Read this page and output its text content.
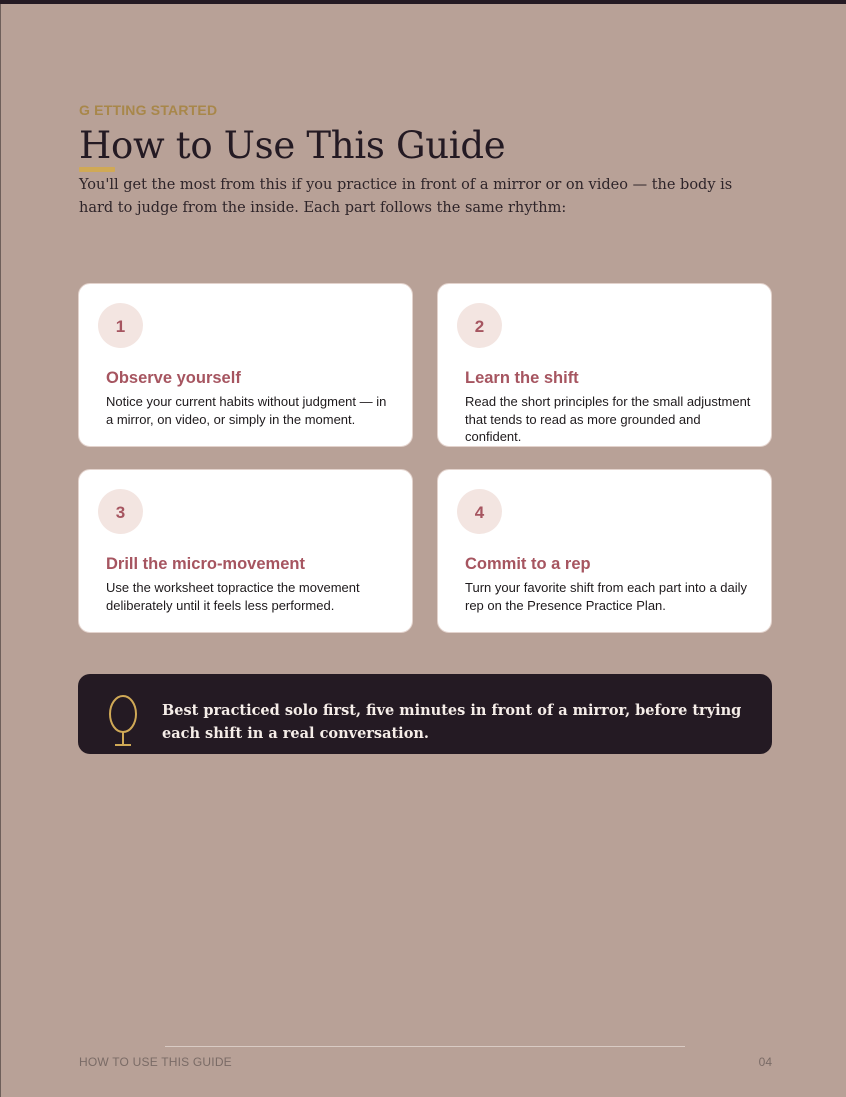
G ETTING STARTED
How to Use This Guide

You'll get the most from this if you practice in front of a mirror or on video — the body is hard to judge from the inside. Each part follows the same rhythm:

1
Observe yourself
Notice your current habits without judgment — in a mirror, on video, or simply in the moment.
2
Learn the shift
Read the short principles for the small adjustment that tends to read as more grounded and confident.
3
Drill the micro-movement
Use the worksheet topractice the movement deliberately until it feels less performed.
4
Commit to a rep
Turn your favorite shift from each part into a daily rep on the Presence Practice Plan.

Best practiced solo first, five minutes in front of a mirror, before trying each shift in a real conversation.

HOW TO USE THIS GUIDE	04
